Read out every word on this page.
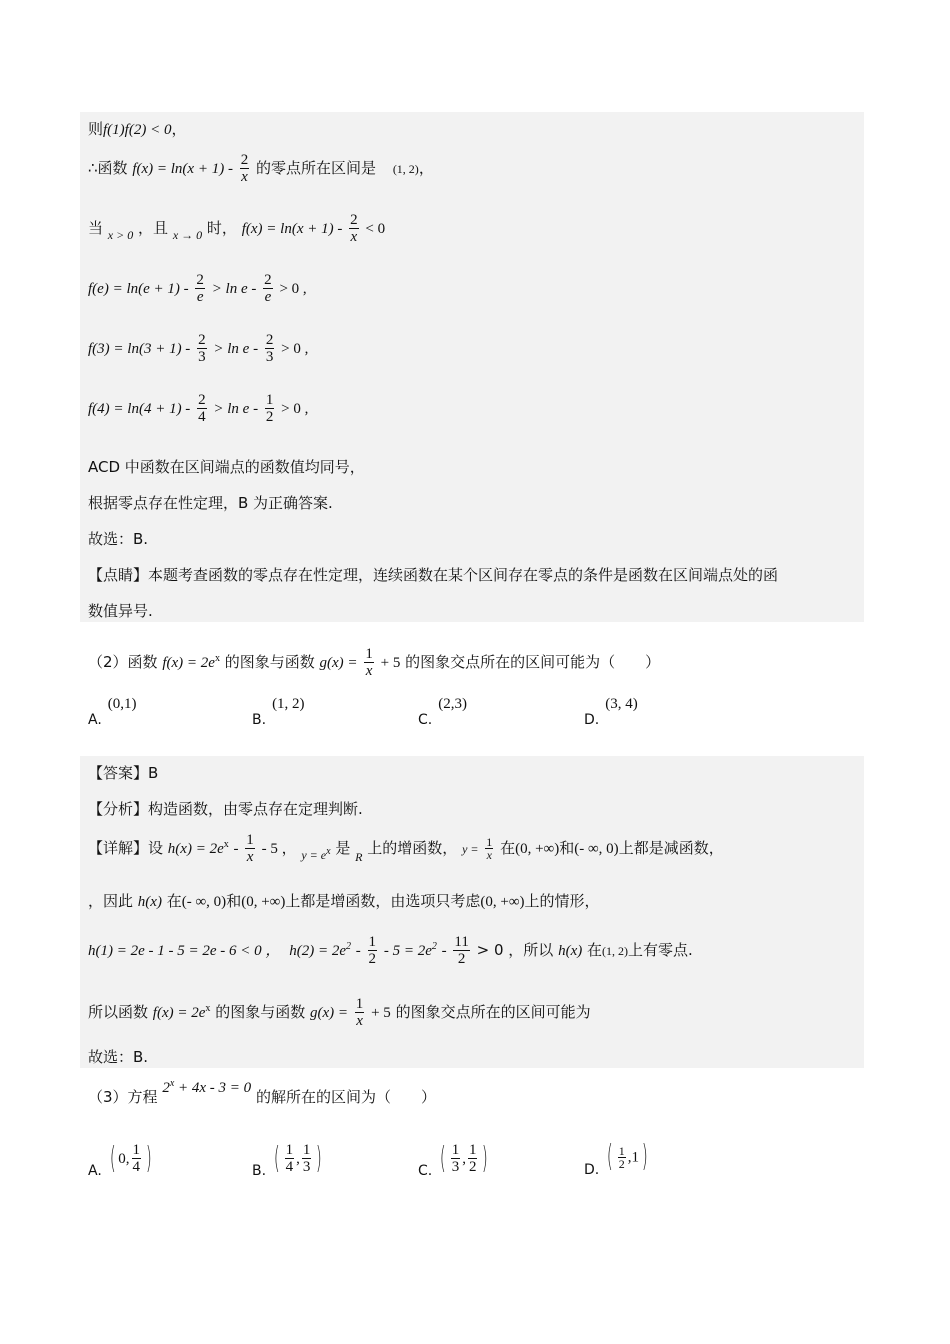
则f(1)f(2) < 0，
∴函数 $f(x) = \ln(x + 1) - \frac{2}{x}$ 的零点所在区间是 (1, 2)，
当 $_{x > 0}$ ，且 $_{x \to 0}$ 时， $f(x) = \ln(x + 1) - \frac{2}{x} < 0$
$f(e) = \ln(e + 1) - \frac{2}{e} > \ln e - \frac{2}{e} > 0$ ,
$f(3) = \ln(3 + 1) - \frac{2}{3} > \ln e - \frac{2}{3} > 0$ ,
$f(4) = \ln(4 + 1) - \frac{2}{4} > \ln e - \frac{1}{2} > 0$ ,
ACD 中函数在区间端点的函数值均同号，
根据零点存在性定理，B 为正确答案.
故选：B.
【点睛】本题考查函数的零点存在性定理，连续函数在某个区间存在零点的条件是函数在区间端点处的函
数值异号.
（2）函数 $f(x) = 2e^x$ 的图象与函数 $g(x) = \frac{1}{x} + 5$ 的图象交点所在的区间可能为（　　）
A.(0,1)
B.(1, 2)
C.(2,3)
D.(3, 4)
【答案】B
【分析】构造函数，由零点存在定理判断.
【详解】设 $h(x) = 2e^x - \frac{1}{x} - 5$ ， $_{y = e^x}$ 是 $_R$ 上的增函数， $y = \frac{1}{x}$ 在(0, +∞)和(- ∞, 0)上都是减函数，
，因此 h(x) 在(- ∞, 0)和(0, +∞)上都是增函数，由选项只考虑(0, +∞)上的情形，
h(1) = 2e - 1 - 5 = 2e - 6 < 0 ， $h(2) = 2e^2 - \frac{1}{2} - 5 = 2e^2 - \frac{11}{2} > 0$ ，所以 h(x) 在(1, 2)上有零点.
所以函数 $f(x) = 2e^x$ 的图象与函数 $g(x) = \frac{1}{x} + 5$ 的图象交点所在的区间可能为
故选：B.
（3）方程 $2^x + 4x - 3 = 0$ 的解所在的区间为（　　）
A. ( 0, $\frac{1}{4}$ )	B. ( $\frac{1}{4}$ , $\frac{1}{3}$ )	C. ( $\frac{1}{3}$ , $\frac{1}{2}$ )	D. ( $\frac{1}{2} ,1$)
